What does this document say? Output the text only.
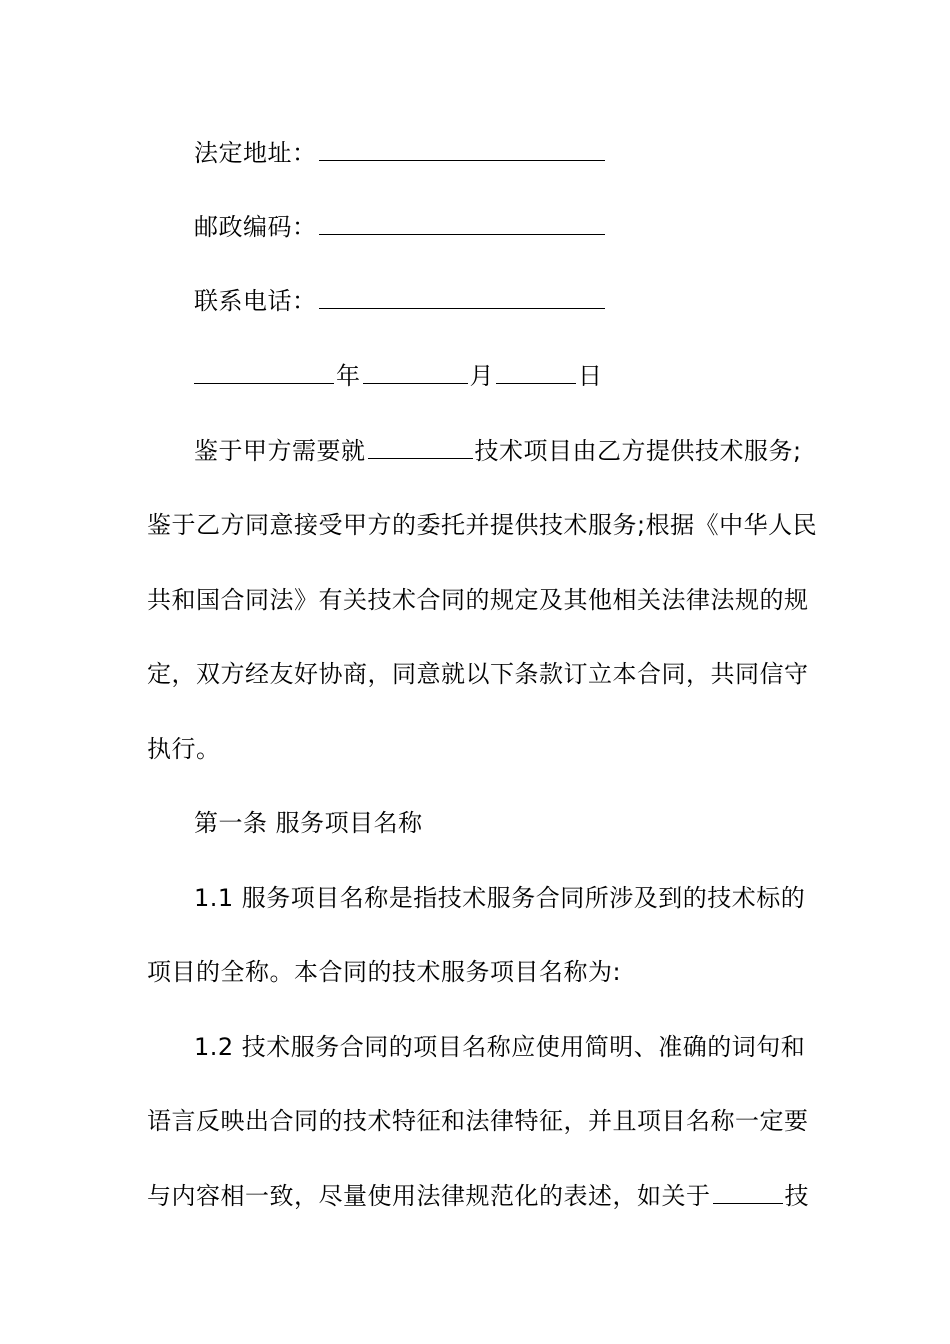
法定地址：
邮政编码：
联系电话：
年	月	日
鉴于甲方需要就	技术项目由乙方提供技术服务;
鉴于乙方同意接受甲方的委托并提供技术服务;根据《中华人民
共和国合同法》有关技术合同的规定及其他相关法律法规的规
定，双方经友好协商，同意就以下条款订立本合同，共同信守
执行。
第一条 服务项目名称
1.1 服务项目名称是指技术服务合同所涉及到的技术标的
项目的全称。本合同的技术服务项目名称为:
1.2 技术服务合同的项目名称应使用简明、准确的词句和
语言反映出合同的技术特征和法律特征，并且项目名称一定要
与内容相一致，尽量使用法律规范化的表述，如关于	技
